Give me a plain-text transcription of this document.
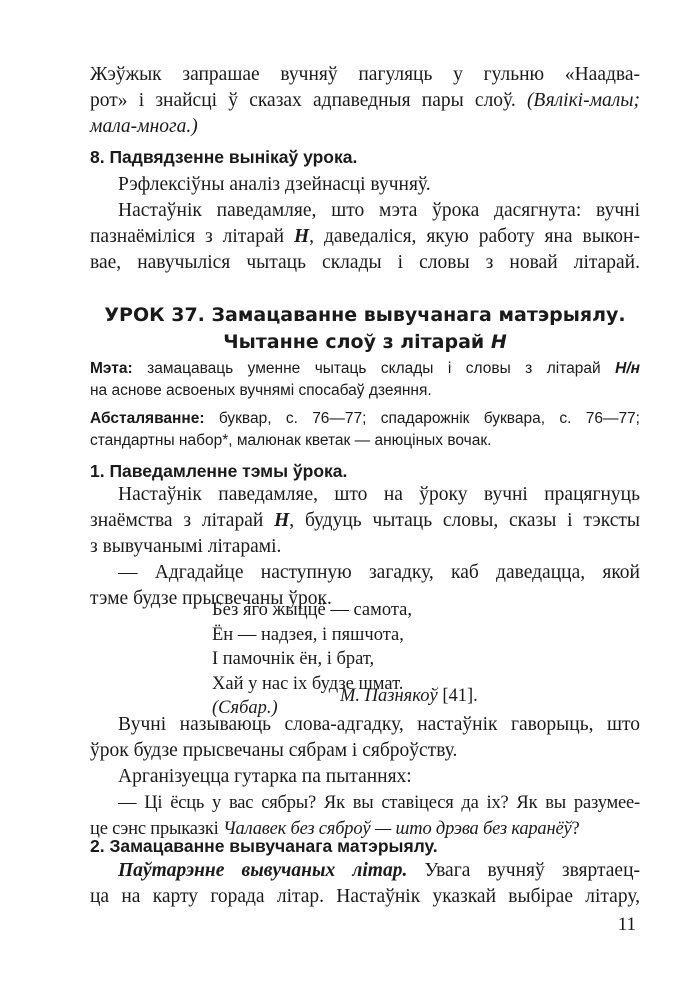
Жэўжык запрашае вучняў пагуляць у гульню «Наадва-
рот» і знайсці ў сказах адпаведныя пары слоў. (Вялікі-малы;
мала-многа.)

8. Падвядзенне вынікаў урока.

Рэфлексіўны аналіз дзейнасці вучняў.
Настаўнік паведамляе, што мэта ўрока дасягнута: вучні
пазнаёміліся з літарай Н, даведаліся, якую работу яна выкон-
вае, навучыліся чытаць склады і словы з новай літарай.

УРОК 37. Замацаванне вывучанага матэрыялу.
Чытанне слоў з літарай Н

Мэта: замацаваць уменне чытаць склады і словы з літарай Н/н
на аснове асвоеных вучнямі спосабаў дзеяння.
Абсталяванне: буквар, с. 76—77; спадарожнік буквара, с. 76—77;
стандартны набор*, малюнак кветак — анюціных вочак.

1. Паведамленне тэмы ўрока.

Настаўнік паведамляе, што на ўроку вучні працягнуць
знаёмства з літарай Н, будуць чытаць словы, сказы і тэксты
з вывучанымі літарамі.
— Адгадайце наступную загадку, каб даведацца, якой
тэме будзе прысвечаны ўрок.

Без яго жыццё — самота,
Ён — надзея, і пяшчота,
І памочнік ён, і брат,
Хай у нас іх будзе шмат.
(Сябар.)
М. Пазнякоў [41].

Вучні называюць слова-адгадку, настаўнік гаворыць, што
ўрок будзе прысвечаны сябрам і сяброўству.
Арганізуецца гутарка па пытаннях:
— Ці ёсць у вас сябры? Як вы ставіцеся да іх? Як вы разумее-
це сэнс прыказкі Чалавек без сяброў — што дрэва без каранёў?

2. Замацаванне вывучанага матэрыялу.

Паўтарэнне вывучаных літар. Увага вучняў звяртаец-
ца на карту горада літар. Настаўнік указкай выбірае літару,

11
